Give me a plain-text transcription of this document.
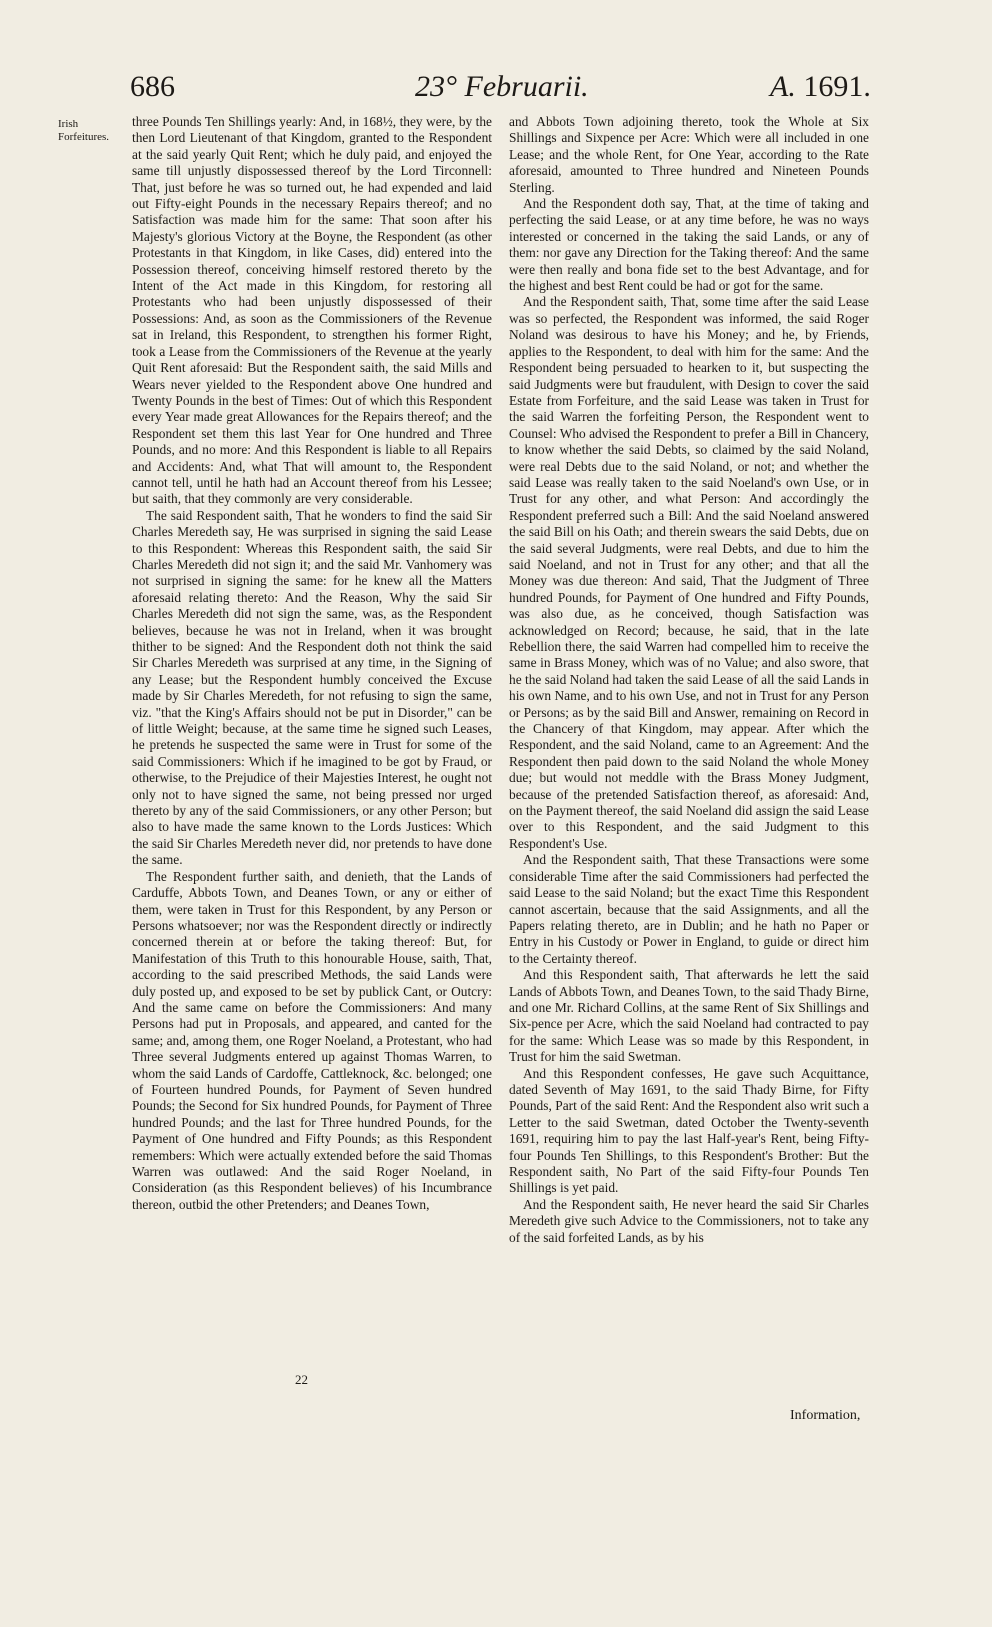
686	23° Februarii.	A. 1691.
Irish Forfeitures.

three Pounds Ten Shillings yearly: And, in 168½, they were, by the then Lord Lieutenant of that Kingdom, granted to the Respondent at the said yearly Quit Rent; which he duly paid, and enjoyed the same till unjustly dispossessed thereof by the Lord Tirconnell: That, just before he was so turned out, he had expended and laid out Fifty-eight Pounds in the necessary Repairs thereof; and no Satisfaction was made him for the same: That soon after his Majesty's glorious Victory at the Boyne, the Respondent (as other Protestants in that Kingdom, in like Cases, did) entered into the Possession thereof, conceiving himself restored thereto by the Intent of the Act made in this Kingdom, for restoring all Protestants who had been unjustly dispossessed of their Possessions: And, as soon as the Commissioners of the Revenue sat in Ireland, this Respondent, to strengthen his former Right, took a Lease from the Commissioners of the Revenue at the yearly Quit Rent aforesaid: But the Respondent saith, the said Mills and Wears never yielded to the Respondent above One hundred and Twenty Pounds in the best of Times: Out of which this Respondent every Year made great Allowances for the Repairs thereof; and the Respondent set them this last Year for One hundred and Three Pounds, and no more: And this Respondent is liable to all Repairs and Accidents: And, what That will amount to, the Respondent cannot tell, until he hath had an Account thereof from his Lessee; but saith, that they commonly are very considerable.

The said Respondent saith, That he wonders to find the said Sir Charles Meredeth say, He was surprised in signing the said Lease to this Respondent: Whereas this Respondent saith, the said Sir Charles Meredeth did not sign it; and the said Mr. Vanhomery was not surprised in signing the same: for he knew all the Matters aforesaid relating thereto: And the Reason, Why the said Sir Charles Meredeth did not sign the same, was, as the Respondent believes, because he was not in Ireland, when it was brought thither to be signed: And the Respondent doth not think the said Sir Charles Meredeth was surprised at any time, in the Signing of any Lease; but the Respondent humbly conceived the Excuse made by Sir Charles Meredeth, for not refusing to sign the same, viz. "that the King's Affairs should not be put in Disorder," can be of little Weight; because, at the same time he signed such Leases, he pretends he suspected the same were in Trust for some of the said Commissioners: Which if he imagined to be got by Fraud, or otherwise, to the Prejudice of their Majesties Interest, he ought not only not to have signed the same, not being pressed nor urged thereto by any of the said Commissioners, or any other Person; but also to have made the same known to the Lords Justices: Which the said Sir Charles Meredeth never did, nor pretends to have done the same.

The Respondent further saith, and denieth, that the Lands of Carduffe, Abbots Town, and Deanes Town, or any or either of them, were taken in Trust for this Respondent, by any Person or Persons whatsoever; nor was the Respondent directly or indirectly concerned therein at or before the taking thereof: But, for Manifestation of this Truth to this honourable House, saith, That, according to the said prescribed Methods, the said Lands were duly posted up, and exposed to be set by publick Cant, or Outcry: And the same came on before the Commissioners: And many Persons had put in Proposals, and appeared, and canted for the same; and, among them, one Roger Noeland, a Protestant, who had Three several Judgments entered up against Thomas Warren, to whom the said Lands of Cardoffe, Cattleknock, &c. belonged; one of Fourteen hundred Pounds, for Payment of Seven hundred Pounds; the Second for Six hundred Pounds, for Payment of Three hundred Pounds; and the last for Three hundred Pounds, for the Payment of One hundred and Fifty Pounds; as this Respondent remembers: Which were actually extended before the said Thomas Warren was outlawed: And the said Roger Noeland, in Consideration (as this Respondent believes) of his Incumbrance thereon, outbid the other Pretenders; and Deanes Town,

and Abbots Town adjoining thereto, took the Whole at Six Shillings and Sixpence per Acre: Which were all included in one Lease; and the whole Rent, for One Year, according to the Rate aforesaid, amounted to Three hundred and Nineteen Pounds Sterling.

And the Respondent doth say, That, at the time of taking and perfecting the said Lease, or at any time before, he was no ways interested or concerned in the taking the said Lands, or any of them: nor gave any Direction for the Taking thereof: And the same were then really and bona fide set to the best Advantage, and for the highest and best Rent could be had or got for the same.

And the Respondent saith, That, some time after the said Lease was so perfected, the Respondent was informed, the said Roger Noland was desirous to have his Money; and he, by Friends, applies to the Respondent, to deal with him for the same: And the Respondent being persuaded to hearken to it, but suspecting the said Judgments were but fraudulent, with Design to cover the said Estate from Forfeiture, and the said Lease was taken in Trust for the said Warren the forfeiting Person, the Respondent went to Counsel: Who advised the Respondent to prefer a Bill in Chancery, to know whether the said Debts, so claimed by the said Noland, were real Debts due to the said Noland, or not; and whether the said Lease was really taken to the said Noeland's own Use, or in Trust for any other, and what Person: And accordingly the Respondent preferred such a Bill: And the said Noeland answered the said Bill on his Oath; and therein swears the said Debts, due on the said several Judgments, were real Debts, and due to him the said Noeland, and not in Trust for any other; and that all the Money was due thereon: And said, That the Judgment of Three hundred Pounds, for Payment of One hundred and Fifty Pounds, was also due, as he conceived, though Satisfaction was acknowledged on Record; because, he said, that in the late Rebellion there, the said Warren had compelled him to receive the same in Brass Money, which was of no Value; and also swore, that he the said Noland had taken the said Lease of all the said Lands in his own Name, and to his own Use, and not in Trust for any Person or Persons; as by the said Bill and Answer, remaining on Record in the Chancery of that Kingdom, may appear. After which the Respondent, and the said Noland, came to an Agreement: And the Respondent then paid down to the said Noland the whole Money due; but would not meddle with the Brass Money Judgment, because of the pretended Satisfaction thereof, as aforesaid: And, on the Payment thereof, the said Noeland did assign the said Lease over to this Respondent, and the said Judgment to this Respondent's Use.

And the Respondent saith, That these Transactions were some considerable Time after the said Commissioners had perfected the said Lease to the said Noland; but the exact Time this Respondent cannot ascertain, because that the said Assignments, and all the Papers relating thereto, are in Dublin; and he hath no Paper or Entry in his Custody or Power in England, to guide or direct him to the Certainty thereof.

And this Respondent saith, That afterwards he lett the said Lands of Abbots Town, and Deanes Town, to the said Thady Birne, and one Mr. Richard Collins, at the same Rent of Six Shillings and Six-pence per Acre, which the said Noeland had contracted to pay for the same: Which Lease was so made by this Respondent, in Trust for him the said Swetman.

And this Respondent confesses, He gave such Acquittance, dated Seventh of May 1691, to the said Thady Birne, for Fifty Pounds, Part of the said Rent: And the Respondent also writ such a Letter to the said Swetman, dated October the Twenty-seventh 1691, requiring him to pay the last Half-year's Rent, being Fifty-four Pounds Ten Shillings, to this Respondent's Brother: But the Respondent saith, No Part of the said Fifty-four Pounds Ten Shillings is yet paid.

And the Respondent saith, He never heard the said Sir Charles Meredeth give such Advice to the Commissioners, not to take any of the said forfeited Lands, as by his

22
Information,
